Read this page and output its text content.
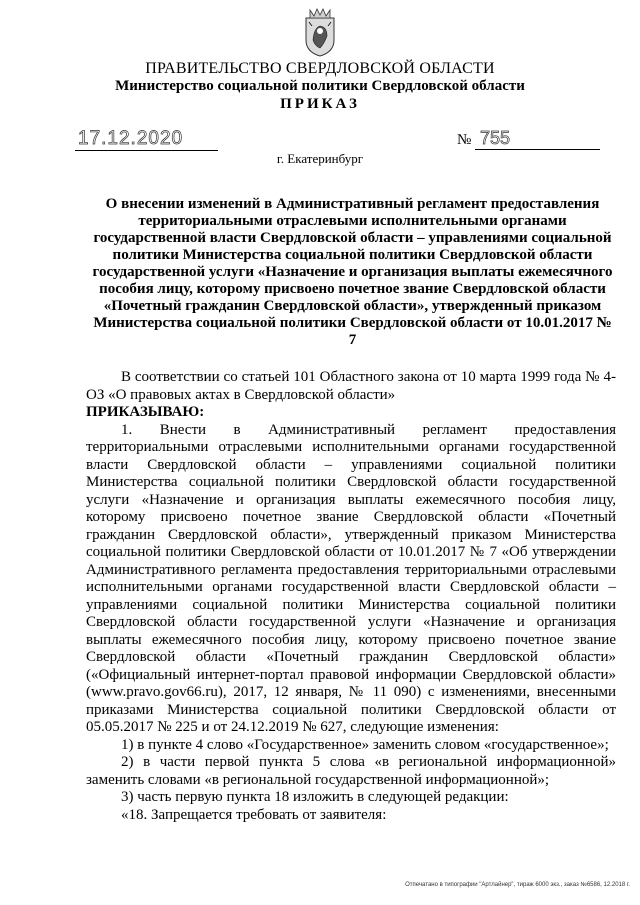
ПРАВИТЕЛЬСТВО СВЕРДЛОВСКОЙ ОБЛАСТИ
Министерство социальной политики Свердловской области
ПРИКАЗ
17.12.2020	№ 755
г. Екатеринбург
О внесении изменений в Административный регламент предоставления территориальными отраслевыми исполнительными органами государственной власти Свердловской области – управлениями социальной политики Министерства социальной политики Свердловской области государственной услуги «Назначение и организация выплаты ежемесячного пособия лицу, которому присвоено почетное звание Свердловской области «Почетный гражданин Свердловской области», утвержденный приказом Министерства социальной политики Свердловской области от 10.01.2017 № 7

В соответствии со статьей 101 Областного закона от 10 марта 1999 года № 4-ОЗ «О правовых актах в Свердловской области»

ПРИКАЗЫВАЮ:

1. Внести в Административный регламент предоставления территориальными отраслевыми исполнительными органами государственной власти Свердловской области – управлениями социальной политики Министерства социальной политики Свердловской области государственной услуги «Назначение и организация выплаты ежемесячного пособия лицу, которому присвоено почетное звание Свердловской области «Почетный гражданин Свердловской области», утвержденный приказом Министерства социальной политики Свердловской области от 10.01.2017 № 7 «Об утверждении Административного регламента предоставления территориальными отраслевыми исполнительными органами государственной власти Свердловской области – управлениями социальной политики Министерства социальной политики Свердловской области государственной услуги «Назначение и организация выплаты ежемесячного пособия лицу, которому присвоено почетное звание Свердловской области «Почетный гражданин Свердловской области» («Официальный интернет-портал правовой информации Свердловской области» (www.pravo.gov66.ru), 2017, 12 января, № 11 090) с изменениями, внесенными приказами Министерства социальной политики Свердловской области от 05.05.2017 № 225 и от 24.12.2019 № 627, следующие изменения:

1) в пункте 4 слово «Государственное» заменить словом «государственное»;

2) в части первой пункта 5 слова «в региональной информационной» заменить словами «в региональной государственной информационной»;

3) часть первую пункта 18 изложить в следующей редакции:

«18. Запрещается требовать от заявителя:

Отпечатано в типографии "Артлайнер", тираж 6000 экз., заказ №6586, 12.2018 г.
